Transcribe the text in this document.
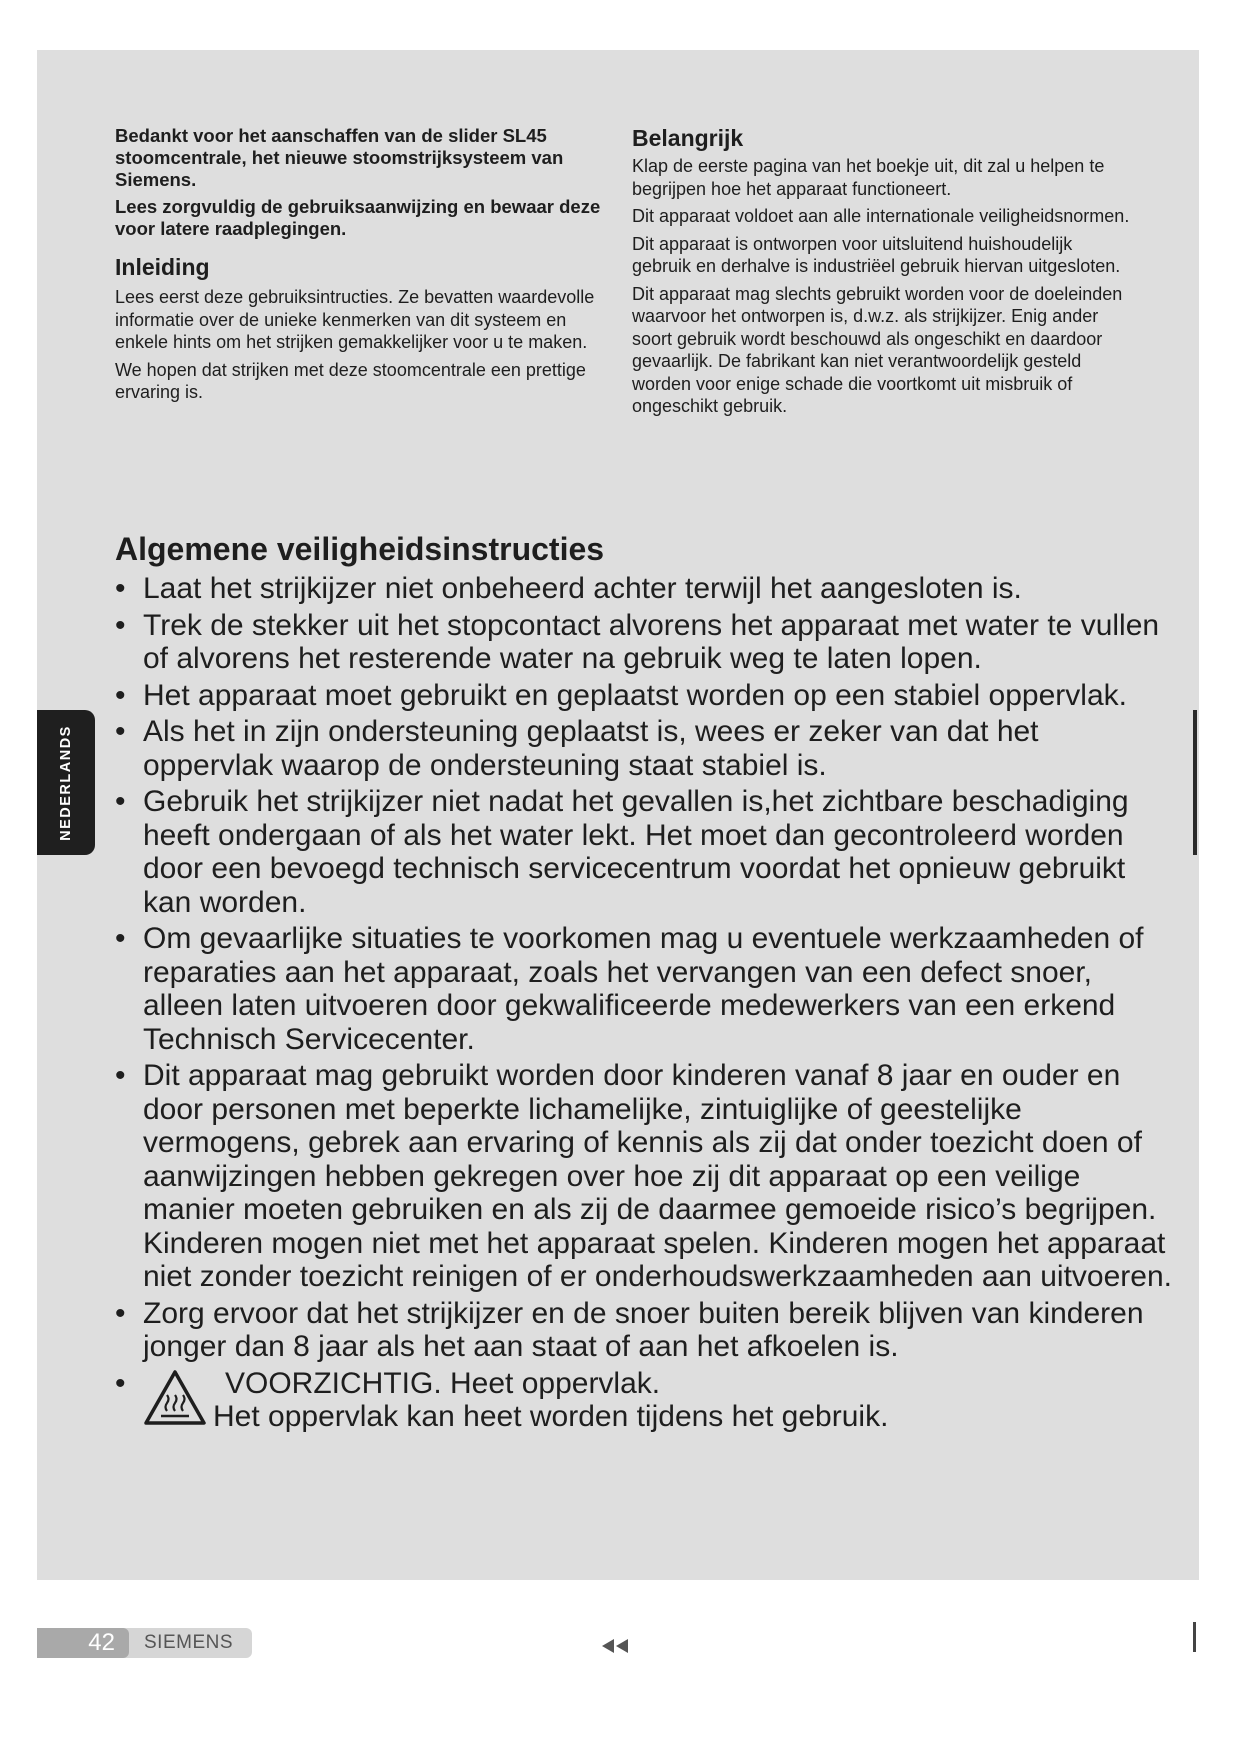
NEDERLANDS

Bedankt voor het aanschaffen van de slider SL45 stoomcentrale, het nieuwe stoomstrijksysteem van Siemens.

Lees zorgvuldig de gebruiksaanwijzing en bewaar deze voor latere raadplegingen.

Inleiding

Lees eerst deze gebruiksintructies. Ze bevatten waardevolle informatie over de unieke kenmerken van dit systeem en enkele hints om het strijken gemakkelijker voor u te maken.

We hopen dat strijken met deze stoomcentrale een prettige ervaring is.

Belangrijk

Klap de eerste pagina van het boekje uit, dit zal u helpen te begrijpen hoe het apparaat functioneert.

Dit apparaat voldoet aan alle internationale veiligheidsnormen.

Dit apparaat is ontworpen voor uitsluitend huishoudelijk gebruik en derhalve is industriëel gebruik hiervan uitgesloten.

Dit apparaat mag slechts gebruikt worden voor de doeleinden waarvoor het ontworpen is, d.w.z. als strijkijzer. Enig ander soort gebruik wordt beschouwd als ongeschikt en daardoor gevaarlijk. De fabrikant kan niet verantwoordelijk gesteld worden voor enige schade die voortkomt uit misbruik of ongeschikt gebruik.

Algemene veiligheidsinstructies
• Laat het strijkijzer niet onbeheerd achter terwijl het aangesloten is.
• Trek de stekker uit het stopcontact alvorens het apparaat met water te vullen of alvorens het resterende water na gebruik weg te laten lopen.
• Het apparaat moet gebruikt en geplaatst worden op een stabiel oppervlak.
• Als het in zijn ondersteuning geplaatst is, wees er zeker van dat het oppervlak waarop de ondersteuning staat stabiel is.
• Gebruik het strijkijzer niet nadat het gevallen is,het zichtbare beschadiging heeft ondergaan of als het water lekt. Het moet dan gecontroleerd worden door een bevoegd technisch servicecentrum voordat het opnieuw gebruikt kan worden.
• Om gevaarlijke situaties te voorkomen mag u eventuele werkzaamheden of reparaties aan het apparaat, zoals het vervangen van een defect snoer, alleen laten uitvoeren door gekwalificeerde medewerkers van een erkend Technisch Servicecenter.
• Dit apparaat mag gebruikt worden door kinderen vanaf 8 jaar en ouder en door personen met beperkte lichamelijke, zintuiglijke of geestelijke vermogens, gebrek aan ervaring of kennis als zij dat onder toezicht doen of aanwijzingen hebben gekregen over hoe zij dit apparaat op een veilige manier moeten gebruiken en als zij de daarmee gemoeide risico’s begrijpen. Kinderen mogen niet met het apparaat spelen. Kinderen mogen het apparaat niet zonder toezicht reinigen of er onderhoudswerkzaamheden aan uitvoeren.
• Zorg ervoor dat het strijkijzer en de snoer buiten bereik blijven van kinderen jonger dan 8 jaar als het aan staat of aan het afkoelen is.
•	VOORZICHTIG. Heet oppervlak.
Het oppervlak kan heet worden tijdens het gebruik.
42	SIEMENS
